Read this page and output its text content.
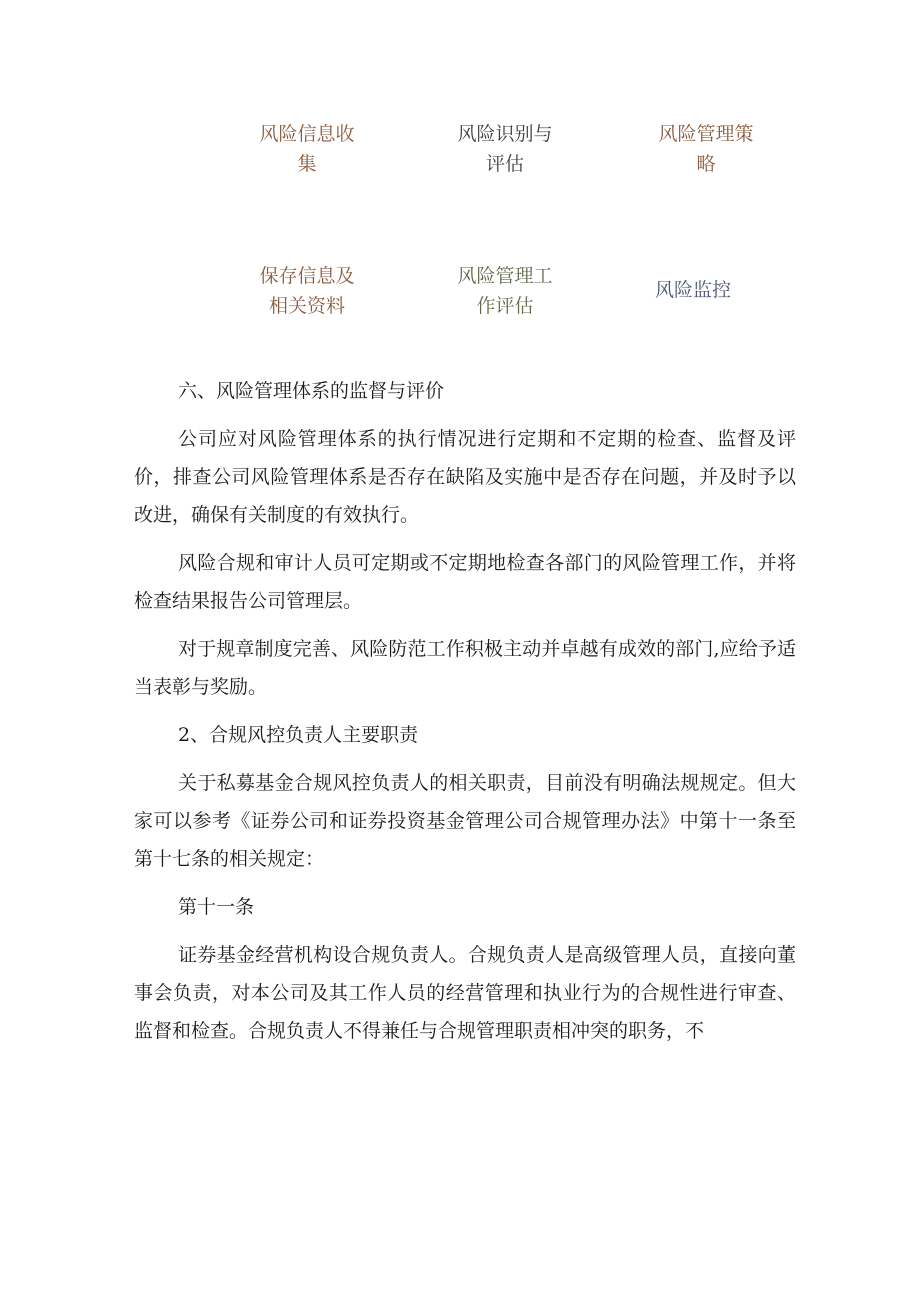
风险信息收
集
风险识别与
评估
风险管理策
略
保存信息及
相关资料
风险管理工
作评估
风险监控

六、风险管理体系的监督与评价

公司应对风险管理体系的执行情况进行定期和不定期的检查、监督及评价，排查公司风险管理体系是否存在缺陷及实施中是否存在问题，并及时予以改进，确保有关制度的有效执行。

风险合规和审计人员可定期或不定期地检查各部门的风险管理工作，并将检查结果报告公司管理层。

对于规章制度完善、风险防范工作积极主动并卓越有成效的部门,应给予适当表彰与奖励。

2、合规风控负责人主要职责

关于私募基金合规风控负责人的相关职责，目前没有明确法规规定。但大家可以参考《证券公司和证券投资基金管理公司合规管理办法》中第十一条至第十七条的相关规定：

第十一条

证券基金经营机构设合规负责人。合规负责人是高级管理人员，直接向董事会负责，对本公司及其工作人员的经营管理和执业行为的合规性进行审查、监督和检查。合规负责人不得兼任与合规管理职责相冲突的职务，不
